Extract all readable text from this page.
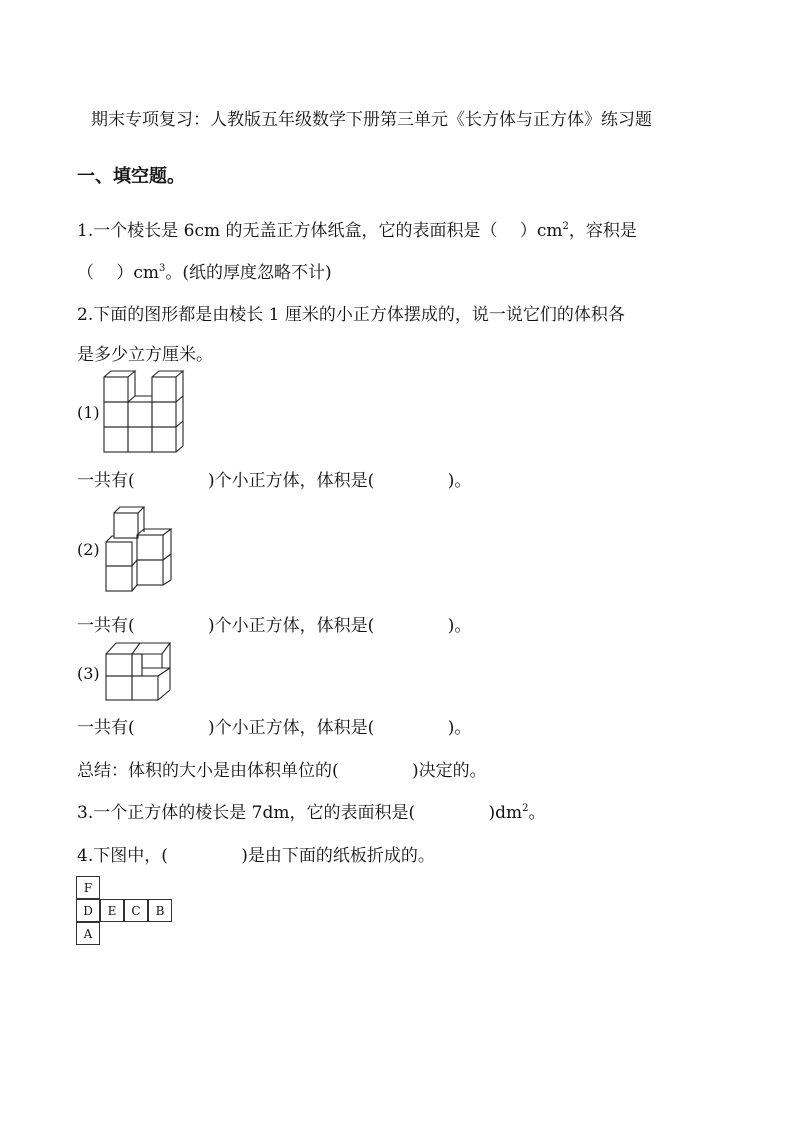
期末专项复习：人教版五年级数学下册第三单元《长方体与正方体》练习题
一、填空题。
1.一个棱长是 6cm 的无盖正方体纸盒，它的表面积是（　 ）$cm^2$，容积是
（　 ）$cm^3$。(纸的厚度忽略不计)
2.下面的图形都是由棱长 1 厘米的小正方体摆成的，说一说它们的体积各
是多少立方厘米。
(1)
一共有(　　　　 )个小正方体，体积是(　　　　 )。
(2)
一共有(　　　　 )个小正方体，体积是(　　　　 )。
(3)
一共有(　　　　 )个小正方体，体积是(　　　　 )。
总结：体积的大小是由体积单位的(　　　　 )决定的。
3.一个正方体的棱长是 7dm，它的表面积是(　　　　 )$dm^2$。
4.下图中，(　　　　 )是由下面的纸板折成的。
F
D	E	C	B
A
